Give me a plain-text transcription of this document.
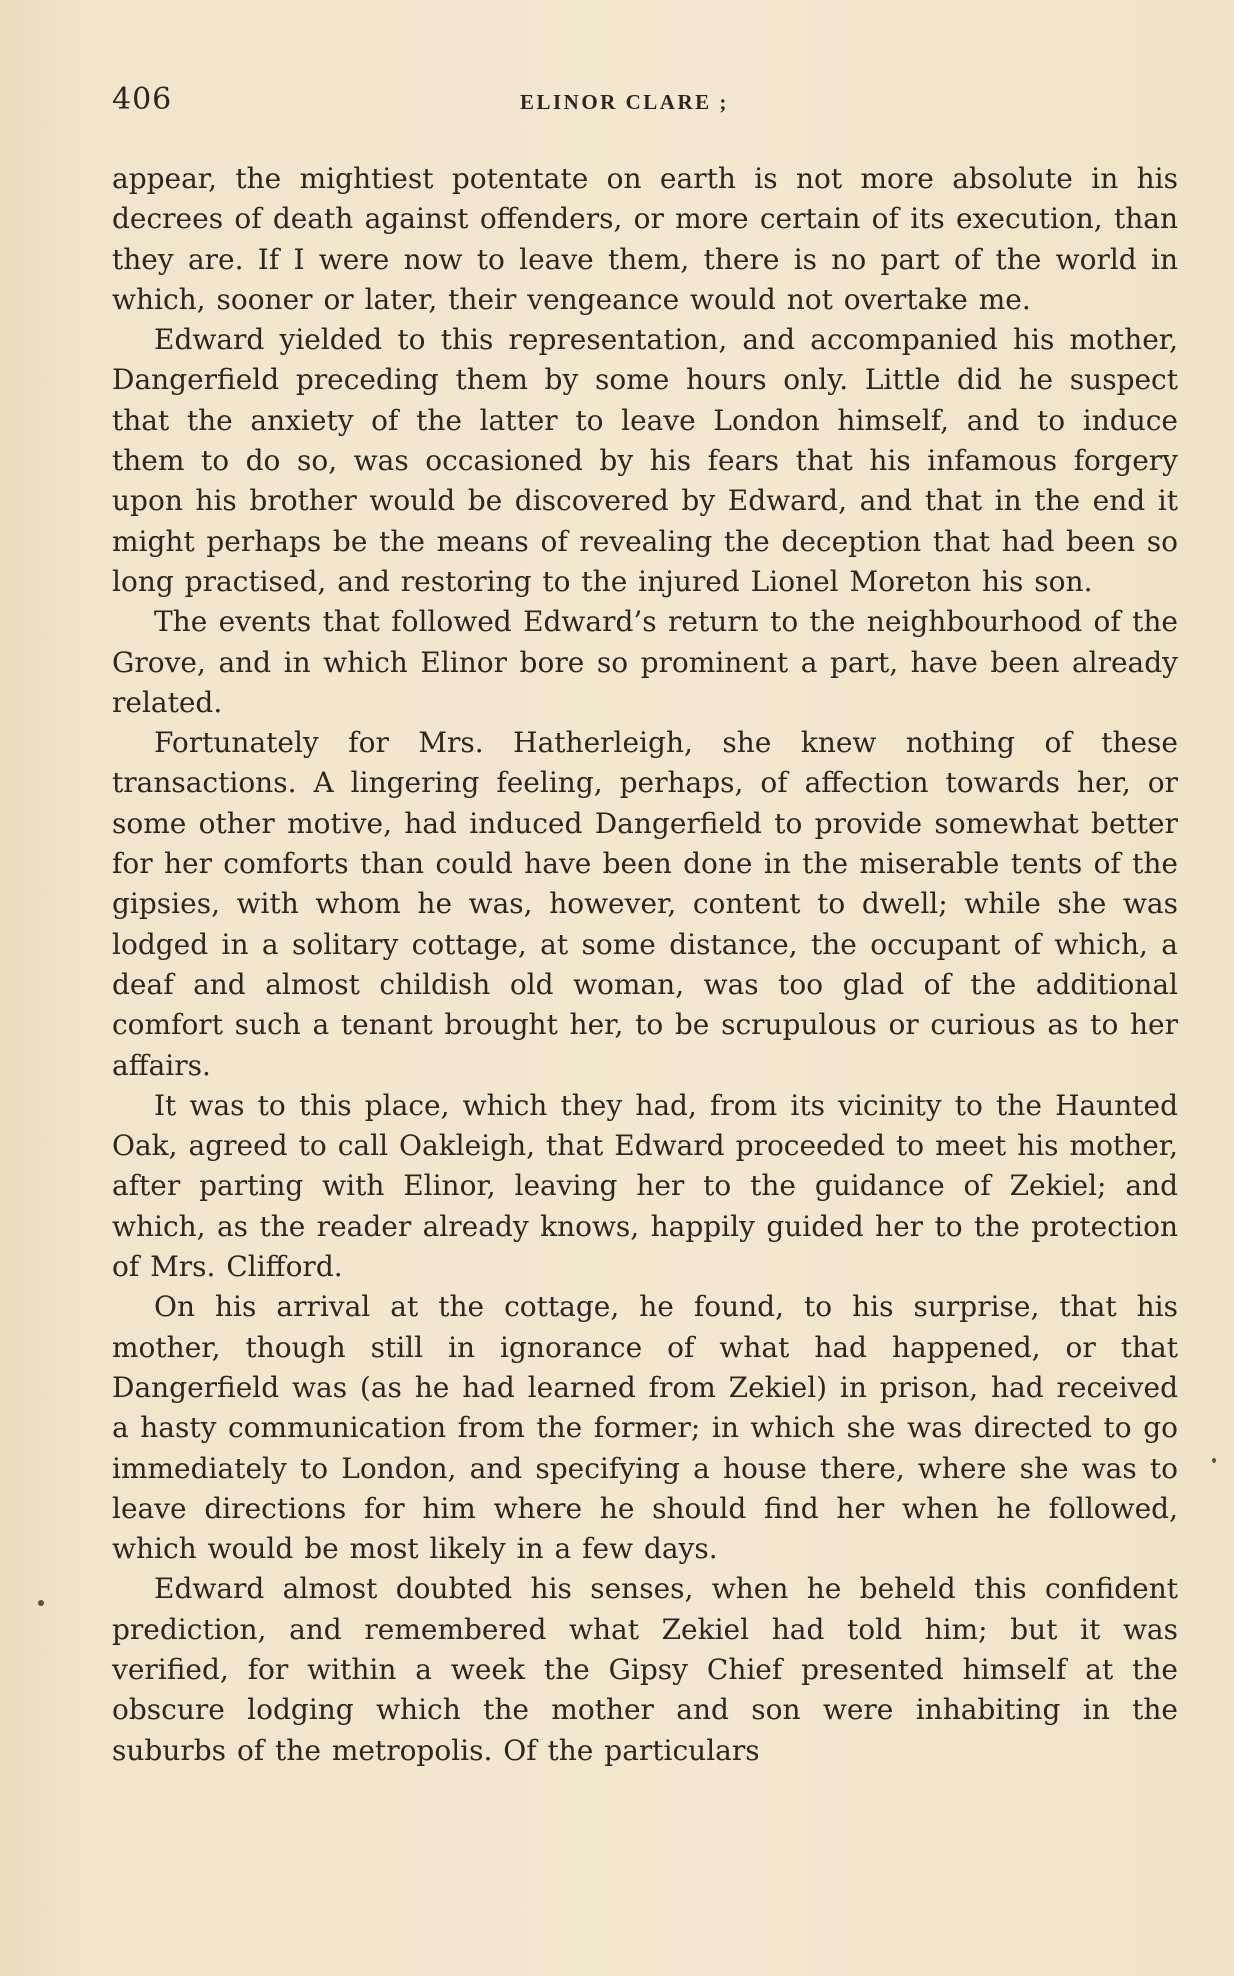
406	ELINOR CLARE ;

appear, the mightiest potentate on earth is not more absolute in his decrees of death against offenders, or more certain of its execution, than they are. If I were now to leave them, there is no part of the world in which, sooner or later, their vengeance would not overtake me.

Edward yielded to this representation, and accompanied his mother, Dangerfield preceding them by some hours only. Little did he suspect that the anxiety of the latter to leave London himself, and to induce them to do so, was occasioned by his fears that his infamous forgery upon his brother would be discovered by Edward, and that in the end it might perhaps be the means of revealing the deception that had been so long practised, and restoring to the injured Lionel Moreton his son.

The events that followed Edward’s return to the neighbourhood of the Grove, and in which Elinor bore so prominent a part, have been already related.

Fortunately for Mrs. Hatherleigh, she knew nothing of these transactions. A lingering feeling, perhaps, of affection towards her, or some other motive, had induced Dangerfield to provide somewhat better for her comforts than could have been done in the miserable tents of the gipsies, with whom he was, however, content to dwell; while she was lodged in a solitary cottage, at some distance, the occupant of which, a deaf and almost childish old woman, was too glad of the additional comfort such a tenant brought her, to be scrupulous or curious as to her affairs.

It was to this place, which they had, from its vicinity to the Haunted Oak, agreed to call Oakleigh, that Edward proceeded to meet his mother, after parting with Elinor, leaving her to the guidance of Zekiel; and which, as the reader already knows, happily guided her to the protection of Mrs. Clifford.

On his arrival at the cottage, he found, to his surprise, that his mother, though still in ignorance of what had happened, or that Dangerfield was (as he had learned from Zekiel) in prison, had received a hasty communication from the former; in which she was directed to go immediately to London, and specifying a house there, where she was to leave directions for him where he should find her when he followed, which would be most likely in a few days.

Edward almost doubted his senses, when he beheld this confident prediction, and remembered what Zekiel had told him; but it was verified, for within a week the Gipsy Chief presented himself at the obscure lodging which the mother and son were inhabiting in the suburbs of the metropolis. Of the particulars
